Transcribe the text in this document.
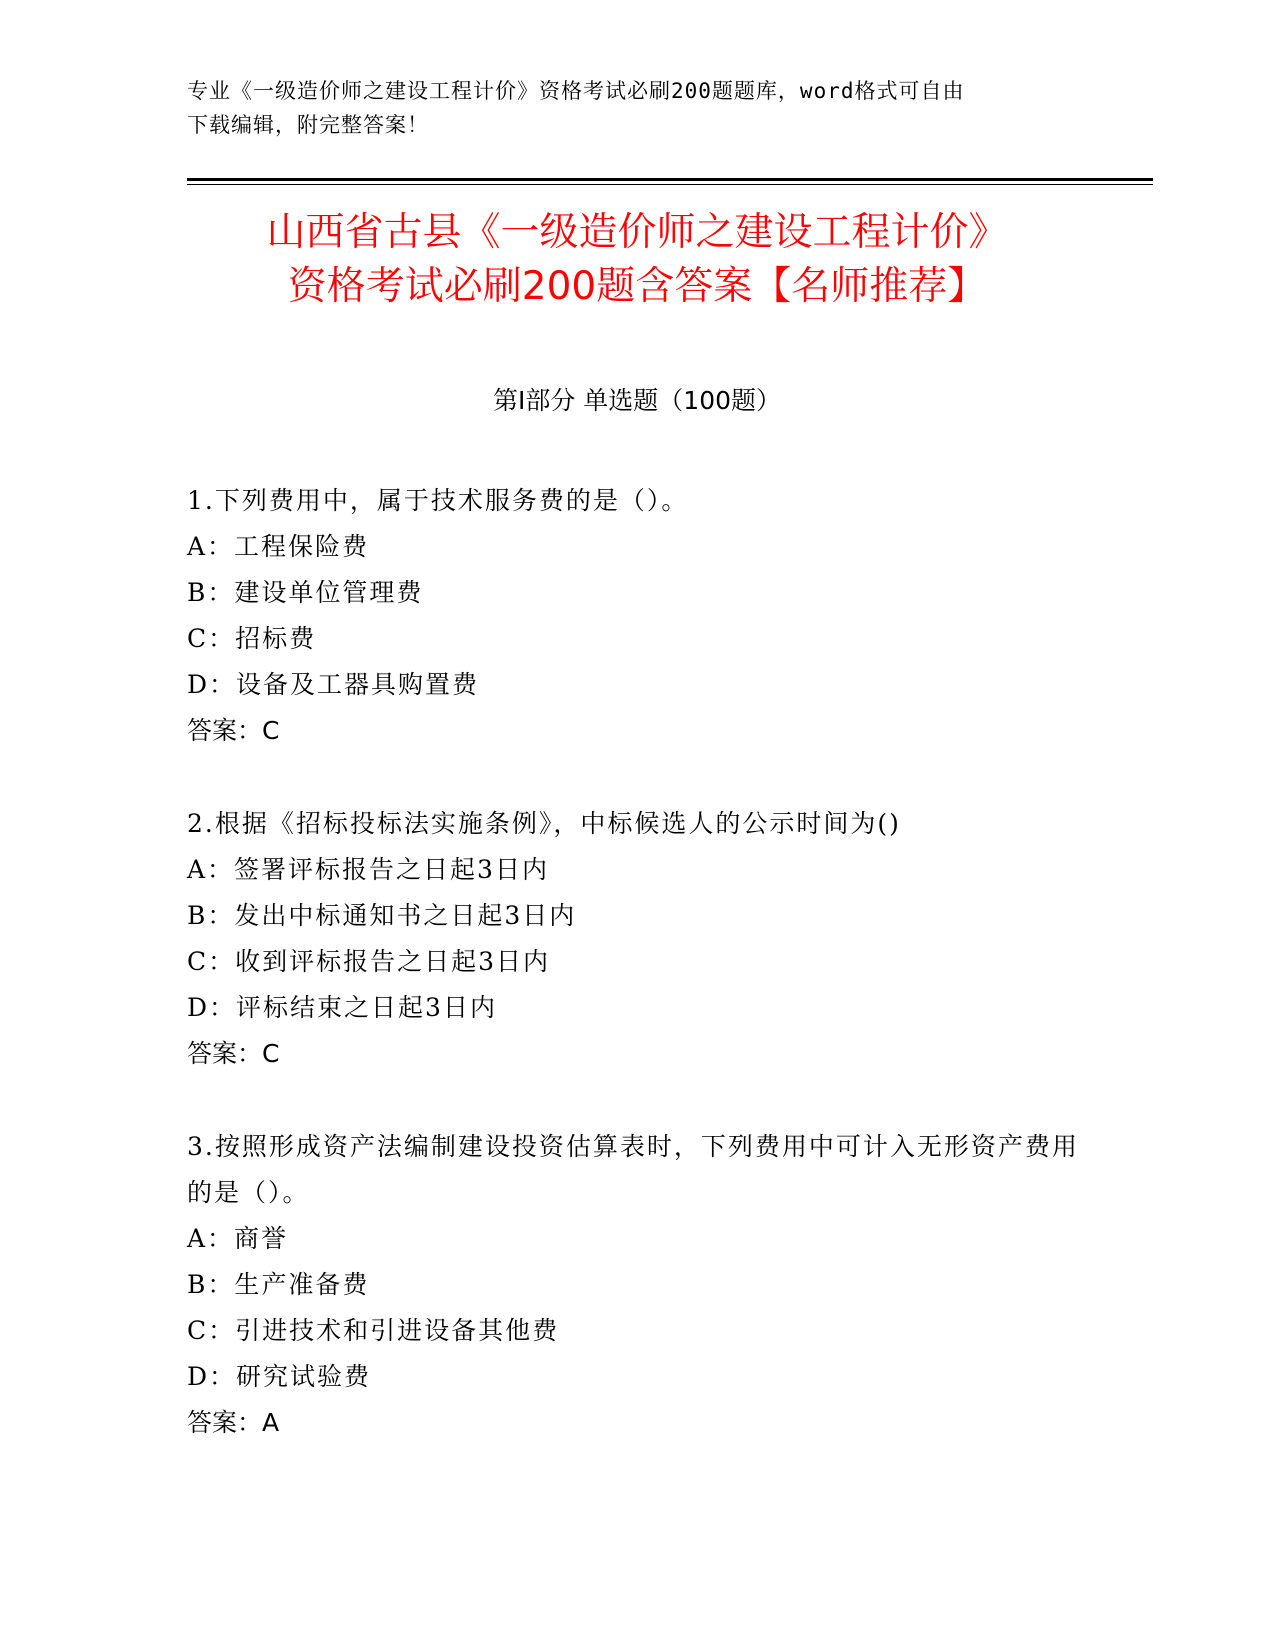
专业《一级造价师之建设工程计价》资格考试必刷200题题库，word格式可自由
下载编辑，附完整答案！
山西省古县《一级造价师之建设工程计价》
资格考试必刷200题含答案【名师推荐】
第Ⅰ部分 单选题（100题）
1.下列费用中，属于技术服务费的是（）。
A：工程保险费
B：建设单位管理费
C：招标费
D：设备及工器具购置费
答案：C
2.根据《招标投标法实施条例》，中标候选人的公示时间为()
A：签署评标报告之日起3日内
B：发出中标通知书之日起3日内
C：收到评标报告之日起3日内
D：评标结束之日起3日内
答案：C
3.按照形成资产法编制建设投资估算表时，下列费用中可计入无形资产费用的是（）。
A：商誉
B：生产准备费
C：引进技术和引进设备其他费
D：研究试验费
答案：A
